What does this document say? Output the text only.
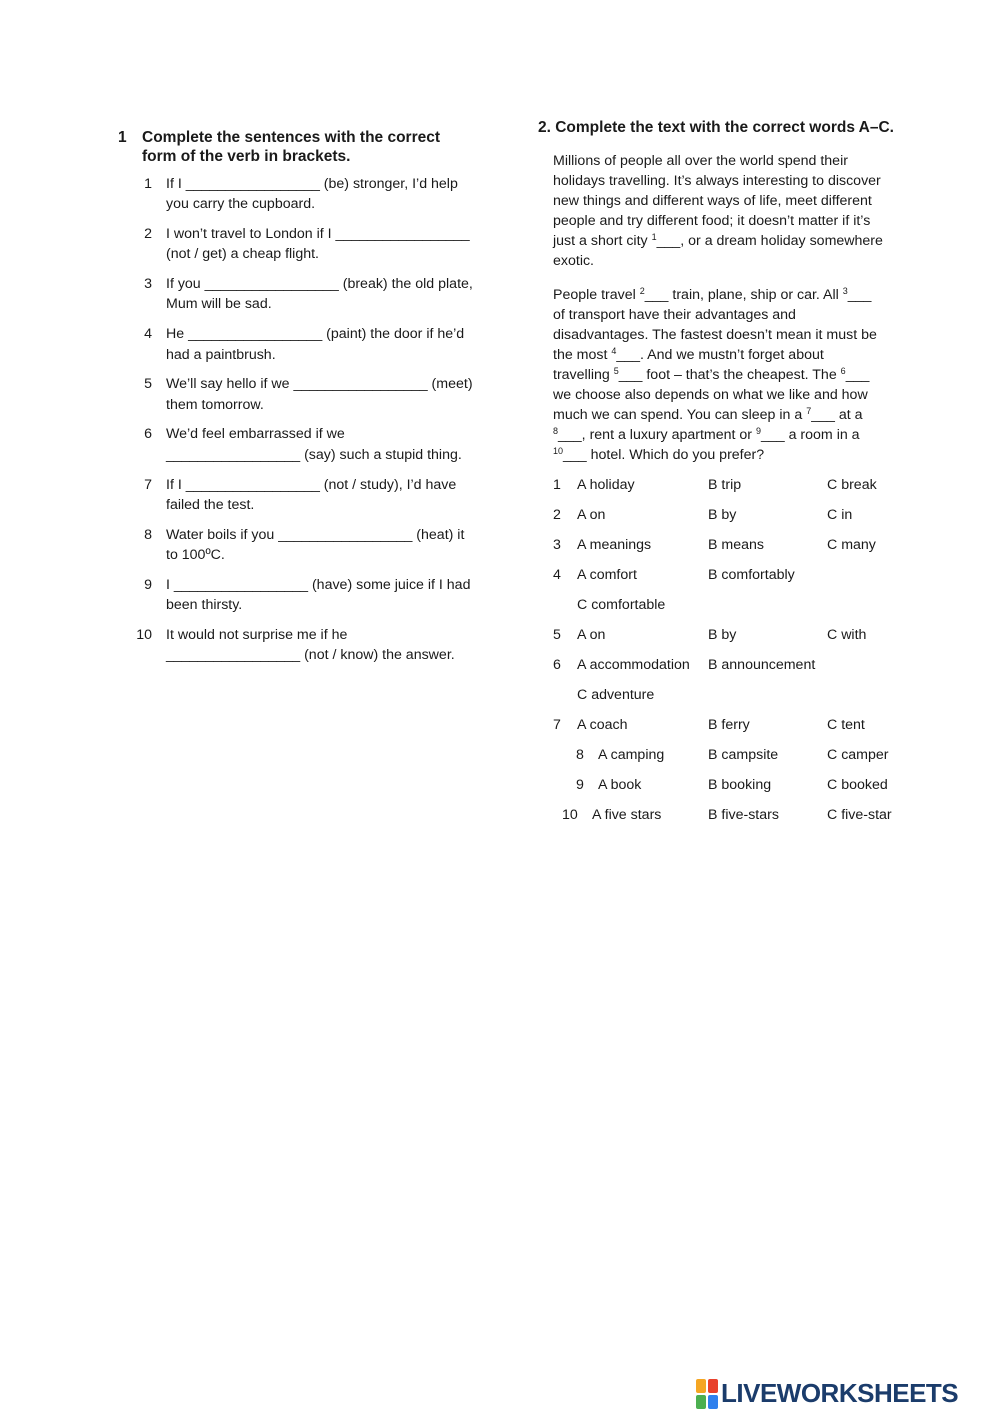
1 Complete the sentences with the correct form of the verb in brackets.
1 If I _________________ (be) stronger, I’d help you carry the cupboard.
2 I won’t travel to London if I _________________ (not / get) a cheap flight.
3 If you _________________ (break) the old plate, Mum will be sad.
4 He _________________ (paint) the door if he’d had a paintbrush.
5 We’ll say hello if we _________________ (meet) them tomorrow.
6 We’d feel embarrassed if we _________________ (say) such a stupid thing.
7 If I _________________ (not / study), I’d have failed the test.
8 Water boils if you _________________ (heat) it to 100ºC.
9 I _________________ (have) some juice if I had been thirsty.
10 It would not surprise me if he _________________ (not / know) the answer.
2. Complete the text with the correct words A–C.

Millions of people all over the world spend their holidays travelling. It’s always interesting to discover new things and different ways of life, meet different people and try different food; it doesn’t matter if it’s just a short city $^1$___, or a dream holiday somewhere exotic.

People travel $^2$___ train, plane, ship or car. All $^3$___ of transport have their advantages and disadvantages. The fastest doesn’t mean it must be the most $^4$___. And we mustn’t forget about travelling $^5$___ foot – that’s the cheapest. The $^6$___ we choose also depends on what we like and how much we can spend. You can sleep in a $^7$___ at a $^8$___, rent a luxury apartment or $^9$___ a room in a $^{10}$___ hotel. Which do you prefer?

1 A holiday	B trip	C break
2 A on	B by	C in
3 A meanings	B means	C many
4 A comfort	B comfortably
C comfortable
5 A on	B by	C with
6 A accommodation B announcement
C adventure
7 A coach	B ferry	C tent
8 A camping	B campsite	C camper
9 A book	B booking	C booked
10 A five stars	B five-stars	C five-star
LIVEWORKSHEETS
